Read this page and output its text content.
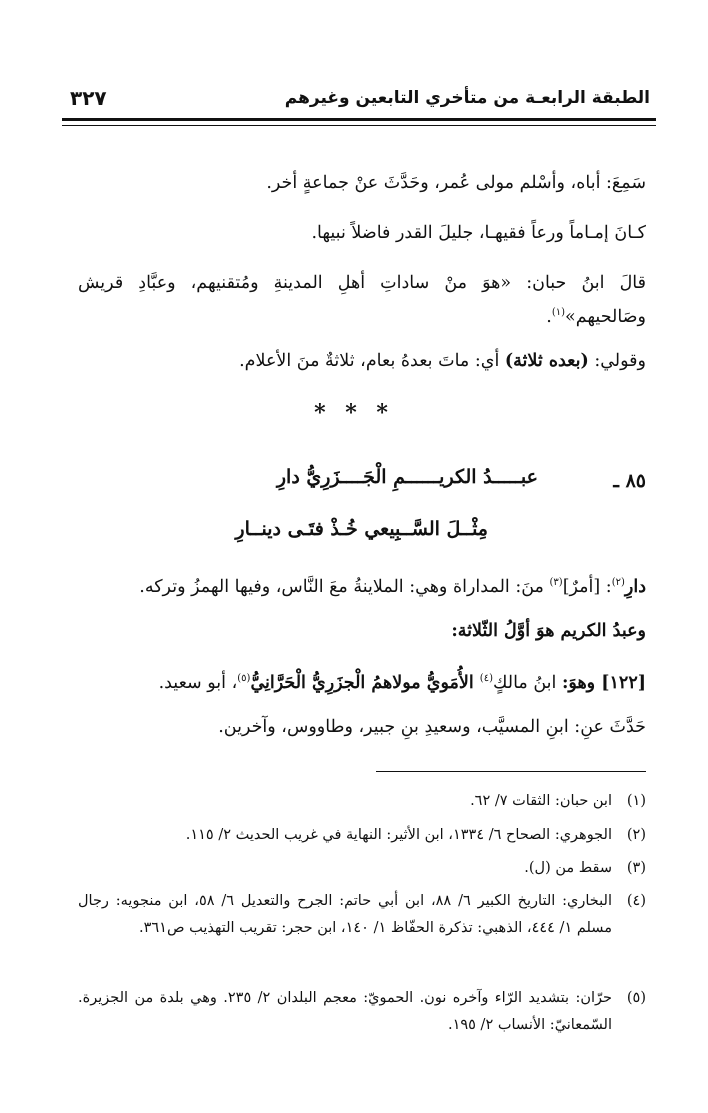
الطبقة الرابعـة من متأخري التابعين وغيرهم
٣٢٧
سَمِعَ: أباه، وأسْلم مولى عُمر، وحَدَّثَ عنْ جماعةٍ أخر.
كـانَ إمـاماً ورعاً فقيهـا، جليلَ القدر فاضلاً نبيها.
قالَ ابنُ حبان: «هوَ منْ ساداتِ أهلِ المدينةِ ومُتقنيهم، وعبَّادِ قريش وصَالحيهم»$^{(١)}$.
وقولي: (بعده ثلاثة) أي: ماتَ بعدهُ بعام، ثلاثةٌ منَ الأعلام.
* * *
٨٥ ـ
عبـــــدُ الكريــــــمِ الْجَــــزَرِيُّ دارِ
مِثْــلَ السَّــبِيعي خُـذْ فتَـى دينــارِ
دارِ$^{(٢)}$: [أمرٌ]$^{(٣)}$ منَ: المداراة وهي: الملاينةُ معَ النَّاس، وفيها الهمزُ وتركه.
وعبدُ الكريم هوَ أوَّلُ الثّلاثة:
[١٢٢] وهوَ: ابنُ مالكٍ$^{(٤)}$ الأُمَويُّ مولاهمُ الْجزَرِيُّ الْحَرَّانِيُّ$^{(٥)}$، أبو سعيد.
حَدَّثَ عنِ: ابنِ المسيَّب، وسعيدِ بنِ جبير، وطاووس، وآخرين.
(١)ابن حبان: الثقات ٧/ ٦٢.
(٢)الجوهري: الصحاح ٦/ ١٣٣٤، ابن الأثير: النهاية في غريب الحديث ٢/ ١١٥.
(٣)سقط من (ل).
(٤)
البخاري: التاريخ الكبير ٦/ ٨٨، ابن أبي حاتم: الجرح والتعديل ٦/ ٥٨، ابن منجويه: رجال مسلم ١/ ٤٤٤، الذهبي: تذكرة الحفّاظ ١/ ١٤٠، ابن حجر: تقريب التهذيب ص٣٦١.
(٥)
حرّان: بتشديد الرّاء وآخره نون. الحمويّ: معجم البلدان ٢/ ٢٣٥. وهي بلدة من الجزيرة. السّمعانيّ: الأنساب ٢/ ١٩٥.
